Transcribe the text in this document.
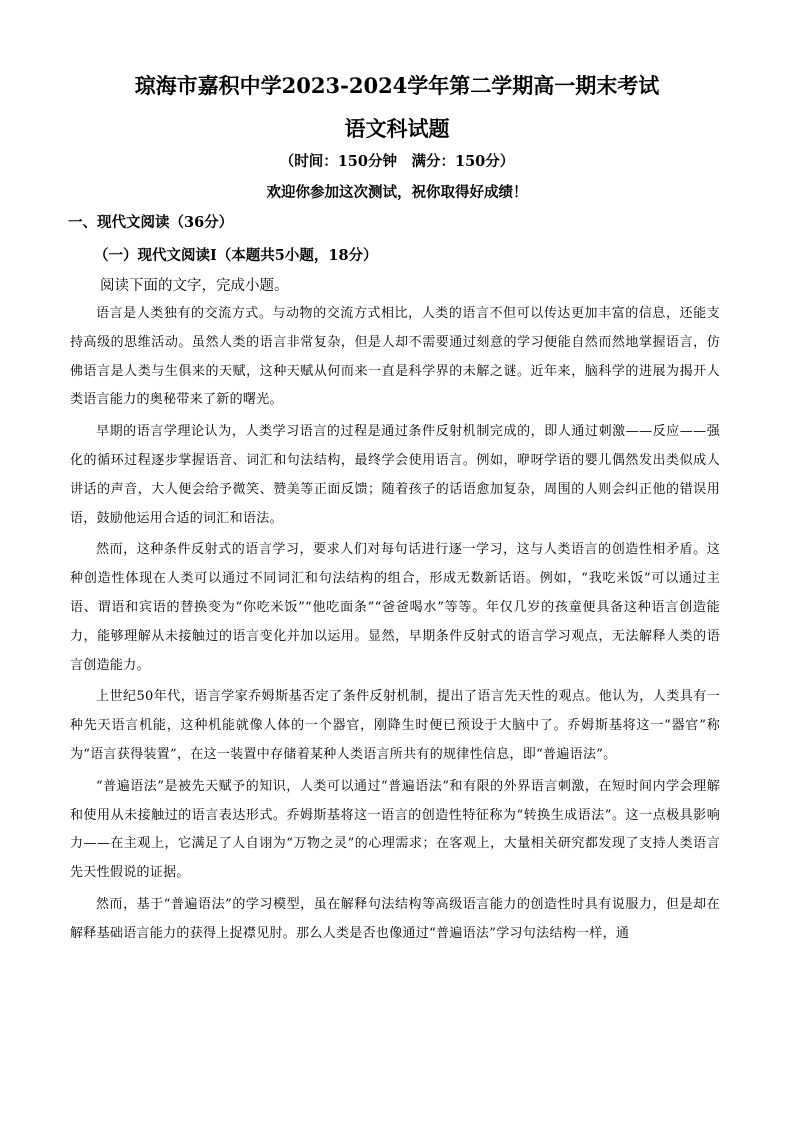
琼海市嘉积中学2023-2024学年第二学期高一期末考试
语文科试题
（时间：150分钟　满分：150分）
欢迎你参加这次测试，祝你取得好成绩！
一、现代文阅读（36分）
（一）现代文阅读Ⅰ（本题共5小题，18分）
阅读下面的文字，完成小题。

语言是人类独有的交流方式。与动物的交流方式相比，人类的语言不但可以传达更加丰富的信息，还能支持高级的思维活动。虽然人类的语言非常复杂，但是人却不需要通过刻意的学习便能自然而然地掌握语言，仿佛语言是人类与生俱来的天赋，这种天赋从何而来一直是科学界的未解之谜。近年来，脑科学的进展为揭开人类语言能力的奥秘带来了新的曙光。

早期的语言学理论认为，人类学习语言的过程是通过条件反射机制完成的，即人通过刺激——反应——强化的循环过程逐步掌握语音、词汇和句法结构，最终学会使用语言。例如，咿呀学语的婴儿偶然发出类似成人讲话的声音，大人便会给予微笑、赞美等正面反馈；随着孩子的话语愈加复杂，周围的人则会纠正他的错误用语，鼓励他运用合适的词汇和语法。

然而，这种条件反射式的语言学习，要求人们对每句话进行逐一学习，这与人类语言的创造性相矛盾。这种创造性体现在人类可以通过不同词汇和句法结构的组合，形成无数新话语。例如，“我吃米饭”可以通过主语、谓语和宾语的替换变为“你吃米饭”“他吃面条”“爸爸喝水”等等。年仅几岁的孩童便具备这种语言创造能力，能够理解从未接触过的语言变化并加以运用。显然，早期条件反射式的语言学习观点，无法解释人类的语言创造能力。

上世纪50年代，语言学家乔姆斯基否定了条件反射机制，提出了语言先天性的观点。他认为，人类具有一种先天语言机能，这种机能就像人体的一个器官，刚降生时便已预设于大脑中了。乔姆斯基将这一“器官”称为“语言获得装置”，在这一装置中存储着某种人类语言所共有的规律性信息，即“普遍语法”。

“普遍语法”是被先天赋予的知识，人类可以通过“普遍语法”和有限的外界语言刺激，在短时间内学会理解和使用从未接触过的语言表达形式。乔姆斯基将这一语言的创造性特征称为“转换生成语法”。这一点极具影响力——在主观上，它满足了人自诩为“万物之灵”的心理需求；在客观上，大量相关研究都发现了支持人类语言先天性假说的证据。

然而，基于“普遍语法”的学习模型，虽在解释句法结构等高级语言能力的创造性时具有说服力，但是却在解释基础语言能力的获得上捉襟见肘。那么人类是否也像通过“普遍语法”学习句法结构一样，通
